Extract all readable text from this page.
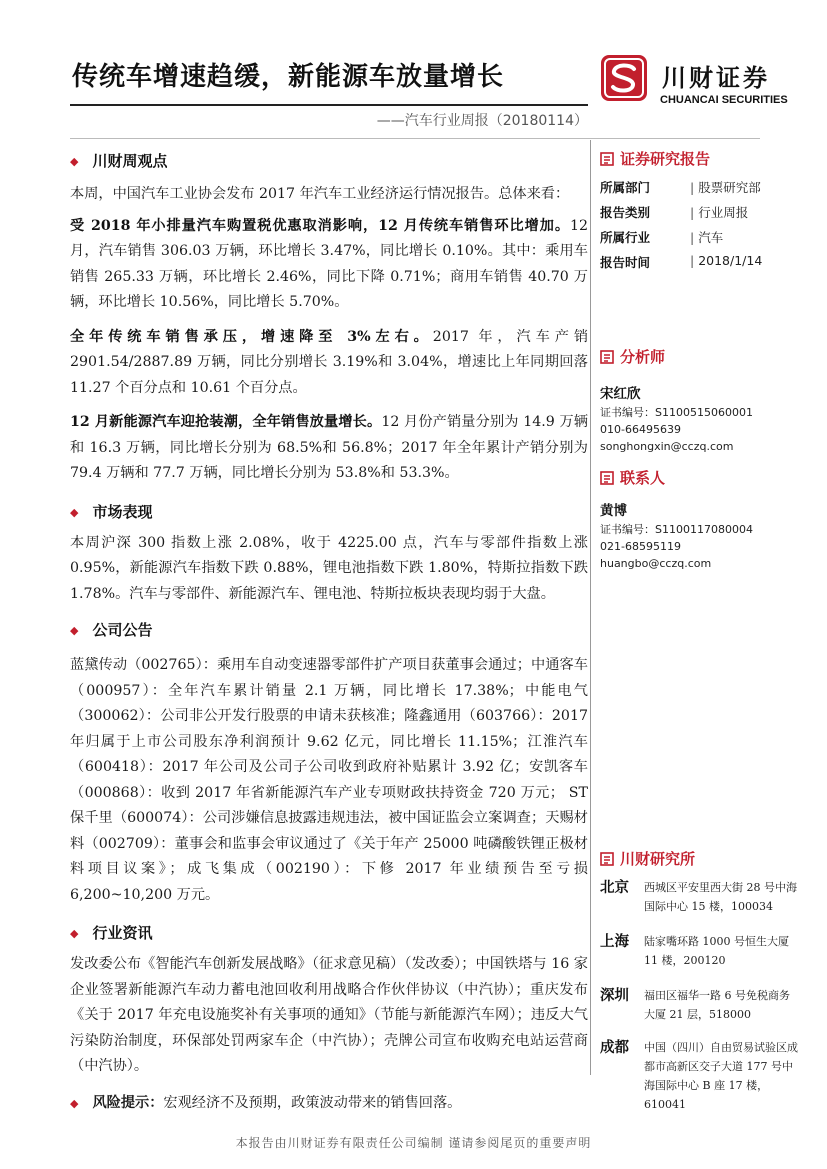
传统车增速趋缓，新能源车放量增长
——汽车行业周报（20180114）
川财证券
CHUANCAI SECURITIES
◆ 川财周观点

本周，中国汽车工业协会发布 2017 年汽车工业经济运行情况报告。总体来看：

受 2018 年小排量汽车购置税优惠取消影响，12 月传统车销售环比增加。12 月，汽车销售 306.03 万辆，环比增长 3.47%，同比增长 0.10%。其中：乘用车销售 265.33 万辆，环比增长 2.46%，同比下降 0.71%；商用车销售 40.70 万辆，环比增长 10.56%，同比增长 5.70%。

全年传统车销售承压，增速降至 3%左右。2017 年，汽车产销 2901.54/2887.89 万辆，同比分别增长 3.19%和 3.04%，增速比上年同期回落 11.27 个百分点和 10.61 个百分点。

12 月新能源汽车迎抢装潮，全年销售放量增长。12 月份产销量分别为 14.9 万辆和 16.3 万辆，同比增长分别为 68.5%和 56.8%；2017 年全年累计产销分别为 79.4 万辆和 77.7 万辆，同比增长分别为 53.8%和 53.3%。

◆ 市场表现

本周沪深 300 指数上涨 2.08%，收于 4225.00 点，汽车与零部件指数上涨 0.95%，新能源汽车指数下跌 0.88%，锂电池指数下跌 1.80%，特斯拉指数下跌 1.78%。汽车与零部件、新能源汽车、锂电池、特斯拉板块表现均弱于大盘。

◆ 公司公告

蓝黛传动（002765）：乘用车自动变速器零部件扩产项目获董事会通过；中通客车（000957）：全年汽车累计销量 2.1 万辆，同比增长 17.38%；中能电气（300062）：公司非公开发行股票的申请未获核准；隆鑫通用（603766）：2017 年归属于上市公司股东净利润预计 9.62 亿元，同比增长 11.15%；江淮汽车（600418）：2017 年公司及公司子公司收到政府补贴累计 3.92 亿；安凯客车（000868）：收到 2017 年省新能源汽车产业专项财政扶持资金 720 万元； ST 保千里（600074）：公司涉嫌信息披露违规违法，被中国证监会立案调查；天赐材料（002709）：董事会和监事会审议通过了《关于年产 25000 吨磷酸铁锂正极材料项目议案》；成飞集成（002190）：下修 2017 年业绩预告至亏损 6,200~10,200 万元。

◆ 行业资讯

发改委公布《智能汽车创新发展战略》（征求意见稿）（发改委）；中国铁塔与 16 家企业签署新能源汽车动力蓄电池回收利用战略合作伙伴协议（中汽协）；重庆发布《关于 2017 年充电设施奖补有关事项的通知》（节能与新能源汽车网）；违反大气污染防治制度，环保部处罚两家车企（中汽协）；壳牌公司宣布收购充电站运营商（中汽协）。

◆ 风险提示：宏观经济不及预期，政策波动带来的销售回落。
证券研究报告
所属部门	| 股票研究部
报告类别	| 行业周报
所属行业	| 汽车
报告时间	| 2018/1/14
分析师
宋红欣
证书编号：S1100515060001
010-66495639
songhongxin@cczq.com
联系人
黄博
证书编号：S1100117080004
021-68595119
huangbo@cczq.com
川财研究所
北京 西城区平安里西大街 28 号中海国际中心 15 楼，100034
上海 陆家嘴环路 1000 号恒生大厦 11 楼，200120
深圳 福田区福华一路 6 号免税商务大厦 21 层，518000
成都 中国（四川）自由贸易试验区成都市高新区交子大道 177 号中海国际中心 B 座 17 楼，610041
本报告由川财证券有限责任公司编制 谨请参阅尾页的重要声明
